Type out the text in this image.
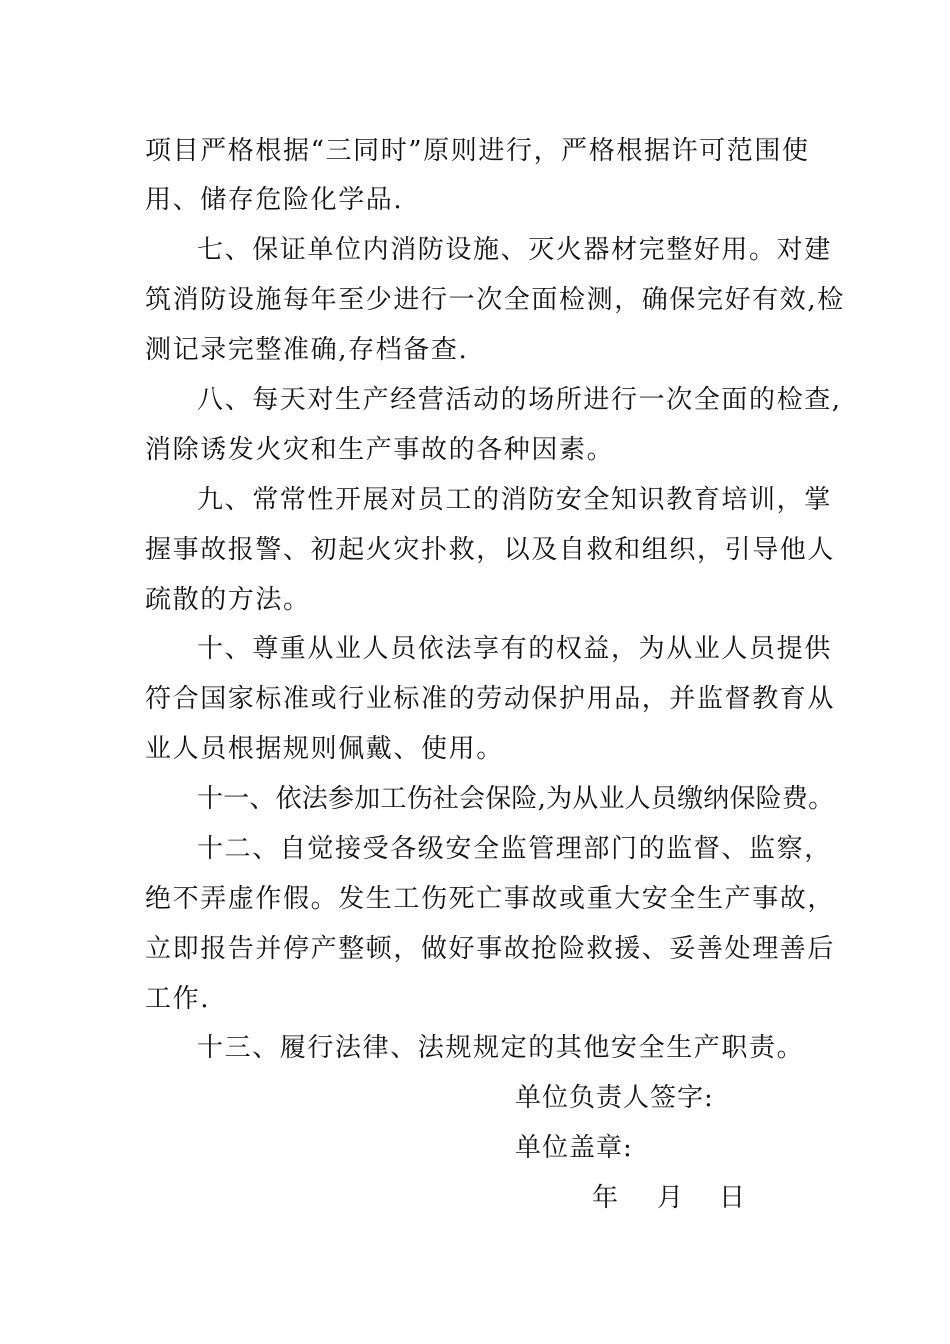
项目严格根据“三同时”原则进行，严格根据许可范围使
用、储存危险化学品.
七、保证单位内消防设施、灭火器材完整好用。对建
筑消防设施每年至少进行一次全面检测，确保完好有效,检
测记录完整准确,存档备查.
八、每天对生产经营活动的场所进行一次全面的检查,
消除诱发火灾和生产事故的各种因素。
九、常常性开展对员工的消防安全知识教育培训，掌
握事故报警、初起火灾扑救，以及自救和组织，引导他人
疏散的方法。
十、尊重从业人员依法享有的权益，为从业人员提供
符合国家标准或行业标准的劳动保护用品，并监督教育从
业人员根据规则佩戴、使用。
十一、依法参加工伤社会保险,为从业人员缴纳保险费。
十二、自觉接受各级安全监管理部门的监督、监察，
绝不弄虚作假。发生工伤死亡事故或重大安全生产事故，
立即报告并停产整顿，做好事故抢险救援、妥善处理善后
工作.
十三、履行法律、法规规定的其他安全生产职责。
单位负责人签字:
单位盖章:
年 月 日
